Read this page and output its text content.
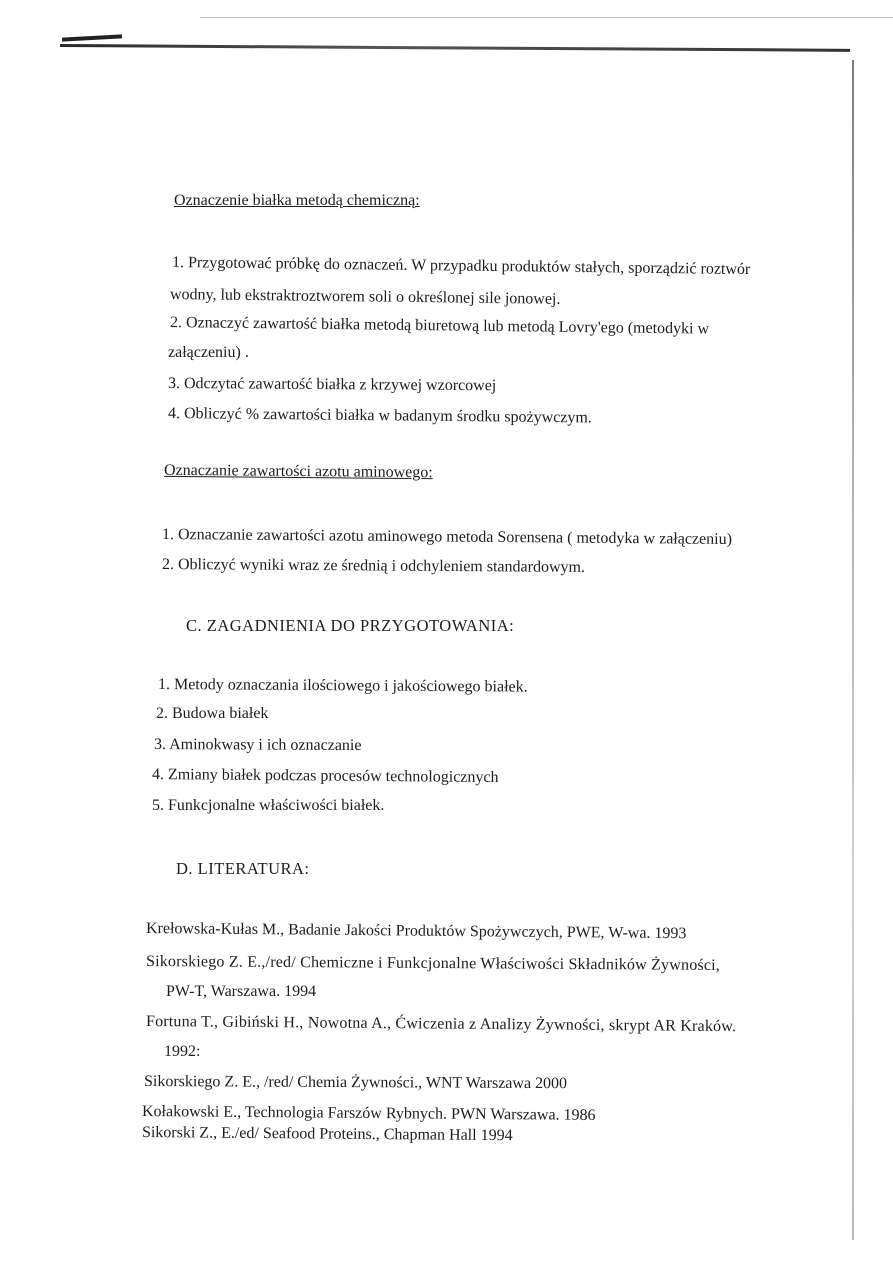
Oznaczenie białka metodą chemiczną:
1. Przygotować próbkę do oznaczeń. W przypadku produktów stałych, sporządzić roztwór
wodny, lub ekstraktroztworem soli o określonej sile jonowej.
2. Oznaczyć zawartość białka metodą biuretową lub metodą Lovry'ego (metodyki w
załączeniu) .
3. Odczytać zawartość białka z krzywej wzorcowej
4. Obliczyć % zawartości białka w badanym środku spożywczym.
Oznaczanie zawartości azotu aminowego:
1. Oznaczanie zawartości azotu aminowego metoda Sorensena ( metodyka w załączeniu)
2. Obliczyć wyniki wraz ze średnią i odchyleniem standardowym.
C. ZAGADNIENIA DO PRZYGOTOWANIA:
1. Metody oznaczania ilościowego i jakościowego białek.
2. Budowa białek
3. Aminokwasy i ich oznaczanie
4. Zmiany białek podczas procesów technologicznych
5. Funkcjonalne właściwości białek.
D. LITERATURA:
Krełowska-Kułas M., Badanie Jakości Produktów Spożywczych, PWE, W-wa. 1993
Sikorskiego Z. E.,/red/ Chemiczne i Funkcjonalne Właściwości Składników Żywności,
PW-T, Warszawa. 1994
Fortuna T., Gibiński H., Nowotna A., Ćwiczenia z Analizy Żywności, skrypt AR Kraków.
1992:
Sikorskiego Z. E., /red/ Chemia Żywności., WNT Warszawa 2000
Kołakowski E., Technologia Farszów Rybnych. PWN Warszawa. 1986
Sikorski Z., E./ed/ Seafood Proteins., Chapman Hall 1994
